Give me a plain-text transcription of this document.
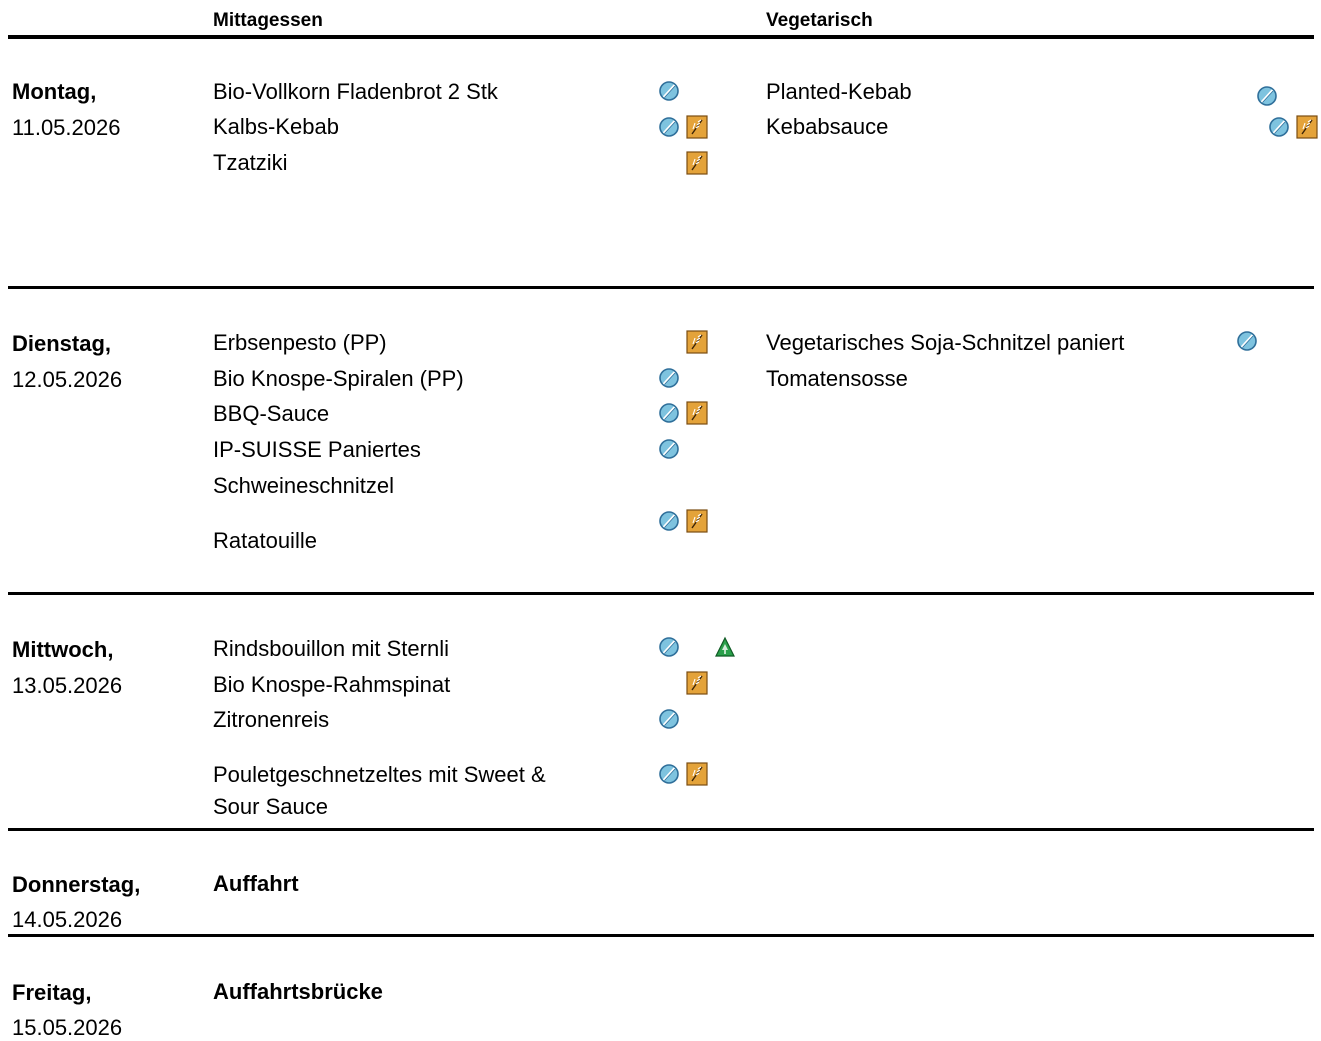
Mittagessen	Vegetarisch
Montag,
11.05.2026
Bio-Vollkorn Fladenbrot 2 Stk
Kalbs-Kebab
Tzatziki
Planted-Kebab
Kebabsauce
Dienstag,
12.05.2026
Erbsenpesto (PP)
Bio Knospe-Spiralen (PP)
BBQ-Sauce
IP-SUISSE Paniertes
Schweineschnitzel
Ratatouille
Vegetarisches Soja-Schnitzel paniert
Tomatensosse
Mittwoch,
13.05.2026
Rindsbouillon mit Sternli
Bio Knospe-Rahmspinat
Zitronenreis
Pouletgeschnetzeltes mit Sweet &
Sour Sauce
Donnerstag,
14.05.2026
Auffahrt
Freitag,
15.05.2026
Auffahrtsbrücke
